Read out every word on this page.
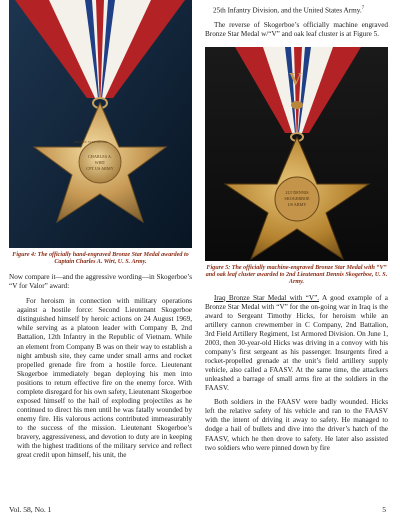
CHARLES A.
WIRT
CPT US ARMY

Figure 4: The officially hand-engraved Bronze Star Medal awarded to Captain Charles A. Wirt, U. S. Army.

Now compare it—and the aggressive wording—in Skogerboe’s “V for Valor” award:

For heroism in connection with military operations against a hostile force: Second Lieutenant Skogerboe distinguished himself by heroic actions on 24 August 1969, while serving as a platoon leader with Company B, 2nd Battalion, 12th Infantry in the Republic of Vietnam. While an element from Company B was on their way to establish a night ambush site, they came under small arms and rocket propelled grenade fire from a hostile force. Lieutenant Skogerboe immediately began deploying his men into positions to return effective fire on the enemy force. With complete disregard for his own safety, Lieutenant Skogerboe exposed himself to the hail of exploding projectiles as he continued to direct his men until he was fatally wounded by enemy fire. His valorous actions contributed immeasurably to the success of the mission. Lieutenant Skogerboe’s bravery, aggressiveness, and devotion to duty are in keeping with the highest traditions of the military service and reflect great credit upon himself, his unit, the

25th Infantry Division, and the United States Army.$^7$

The reverse of Skogerboe’s officially machine engraved Bronze Star Medal w/“V” and oak leaf cluster is at Figure 5.

V
2LT DENNIS
SKOGERBOE
US ARMY

Figure 5: The officially machine-engraved Bronze Star Medal with “V” and oak leaf cluster awarded to 2nd Lieutenant Dennis Skogerboe, U. S. Army.

Iraq Bronze Star Medal with “V”. A good example of a Bronze Star Medal with “V” for the on-going war in Iraq is the award to Sergeant Timothy Hicks, for heroism while an artillery cannon crewmember in C Company, 2nd Battalion, 3rd Field Artillery Regiment, 1st Armored Division. On June 1, 2003, then 30-year-old Hicks was driving in a convoy with his company’s first sergeant as his passenger. Insurgents fired a rocket-propelled grenade at the unit’s field artillery supply vehicle, also called a FAASV. At the same time, the attackers unleashed a barrage of small arms fire at the soldiers in the FAASV.

Both soldiers in the FAASV were badly wounded. Hicks left the relative safety of his vehicle and ran to the FAASV with the intent of driving it away to safety. He managed to dodge a hail of bullets and dive into the driver’s hatch of the FAASV, which he then drove to safety. He later also assisted two soldiers who were pinned down by fire

BRONZE STAR MEDAL
Vol. 58, No. 1	5
